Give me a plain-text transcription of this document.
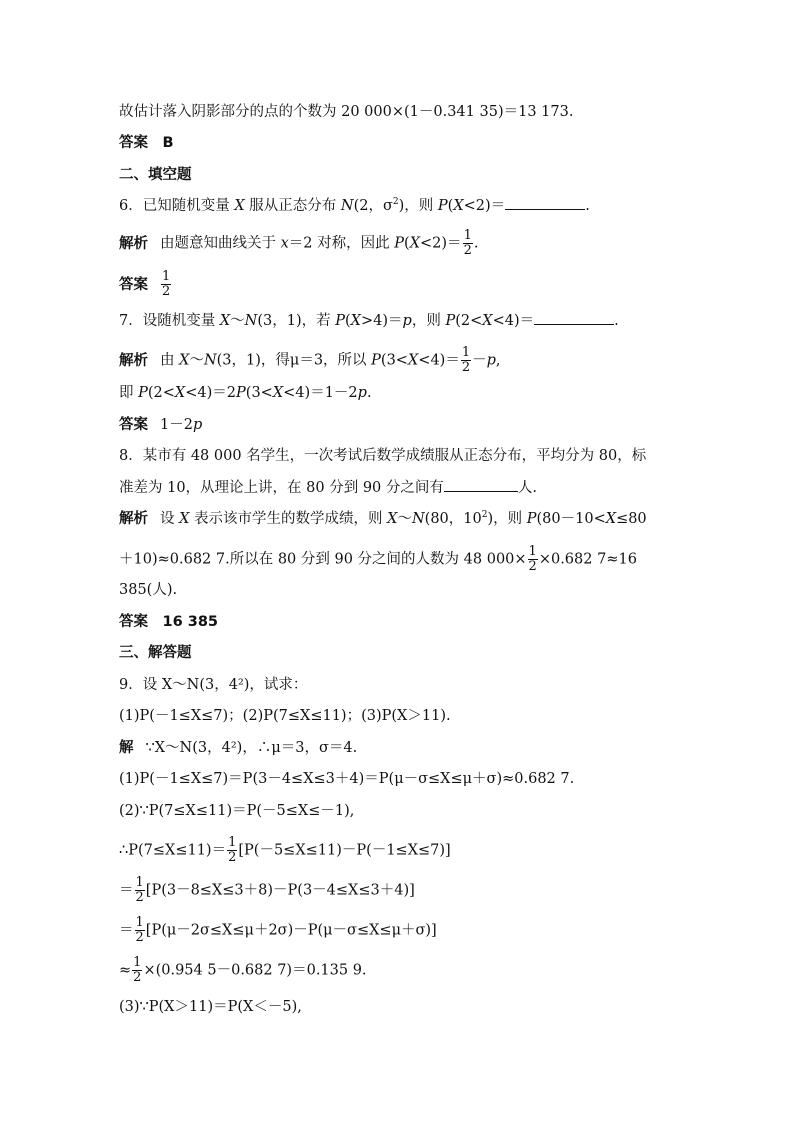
故估计落入阴影部分的点的个数为 20 000×(1－0.341 35)＝13 173.
答案　B
二、填空题
6．已知随机变量 X 服从正态分布 N(2，$\sigma^2$)，则 P(X<2)＝	.
解析 由题意知曲线关于 x＝2 对称，因此 $P(X<2)= \frac{1}{2}$ .
答案 $\frac{1}{2}$
7．设随机变量 X～N(3，1)，若 P(X>4)＝p，则 P(2<X<4)＝	.
解析 由 X～N(3，1)，得μ＝3，所以 $P(3<X<4)= \frac{1}{2} -p$,
即 P(2<X<4)＝2P(3<X<4)＝1－2p.
答案 1－2p
8．某市有 48 000 名学生，一次考试后数学成绩服从正态分布，平均分为 80，标
准差为 10，从理论上讲，在 80 分到 90 分之间有	人.
解析 设 X 表示该市学生的数学成绩，则 X～N(80，$10^2$)，则 P(80－10<X≤80
＋10)≈0.682 7.所以在 80 分到 90 分之间的人数为 48 $000\times \frac{1}{2} \times 0.682$ 7≈16
385(人).
答案　16 385
三、解答题
9．设 X～N(3，4²)，试求：
(1)P(－1≤X≤7)；(2)P(7≤X≤11)；(3)P(X＞11).
解 ∵X～N(3，4²)，∴μ＝3，σ＝4.
(1)P(－1≤X≤7)＝P(3－4≤X≤3＋4)＝P(μ－σ≤X≤μ＋σ)≈0.682 7.
(2)∵P(7≤X≤11)＝P(－5≤X≤－1),
∴P(7≤X≤11)＝ $\frac{1}{2} [P(-5\le X\le 11)-P(-1\le X\le 7)]$
＝ $\frac{1}{2} [P(3-8\le X\le 3+8)-P(3-4\le X\le 3+4)]$
＝ $\frac{1}{2} [P(\mu-2\sigma\le X\le\mu+2\sigma)-P(\mu-\sigma\le X\le\mu+\sigma)]$
≈ $\frac{1}{2} \times(0.954$ 5－0.682 7)＝0.135 9.
(3)∵P(X＞11)＝P(X＜－5),
